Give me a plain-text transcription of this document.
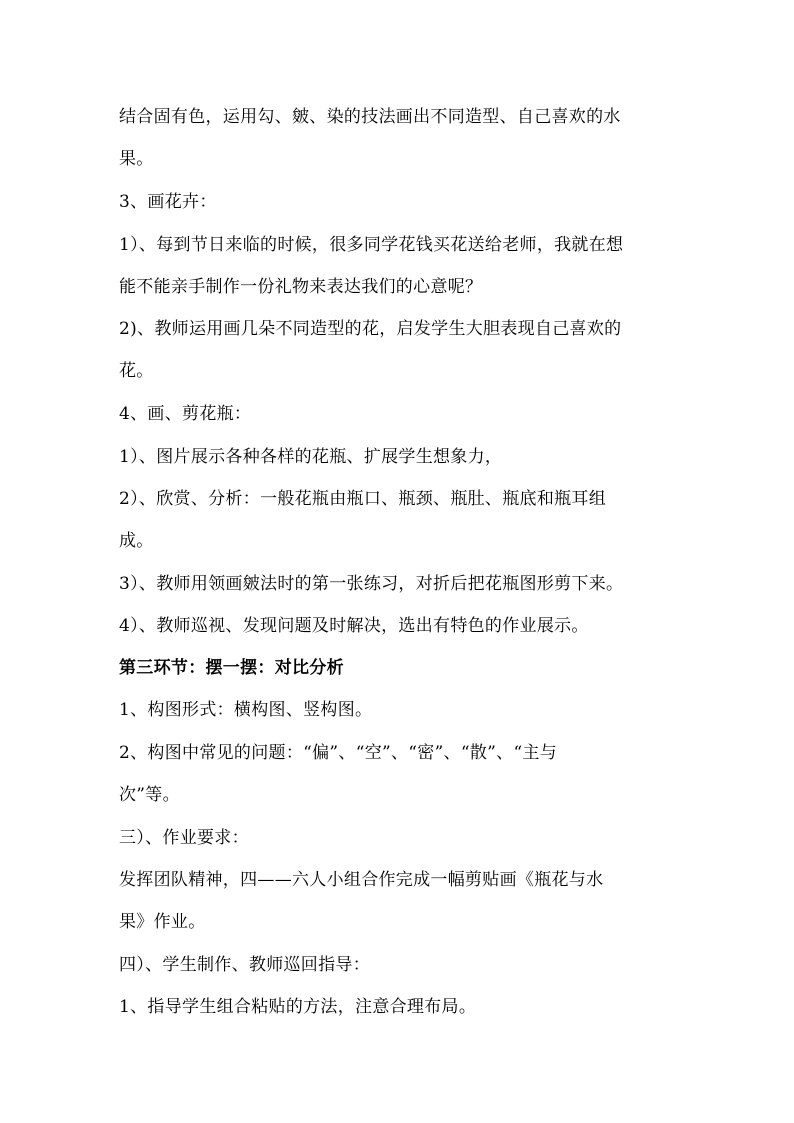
结合固有色，运用勾、皴、染的技法画出不同造型、自己喜欢的水
果。
3、画花卉：
1）、每到节日来临的时候，很多同学花钱买花送给老师，我就在想
能不能亲手制作一份礼物来表达我们的心意呢？
2)、教师运用画几朵不同造型的花，启发学生大胆表现自己喜欢的
花。
4、画、剪花瓶：
1）、图片展示各种各样的花瓶、扩展学生想象力，
2）、欣赏、分析：一般花瓶由瓶口、瓶颈、瓶肚、瓶底和瓶耳组
成。
3）、教师用领画皴法时的第一张练习，对折后把花瓶图形剪下来。
4）、教师巡视、发现问题及时解决，选出有特色的作业展示。
第三环节：摆一摆：对比分析
1、构图形式：横构图、竖构图。
2、构图中常见的问题：“偏”、“空”、“密”、“散”、“主与
次”等。
三）、作业要求：
发挥团队精神，四——六人小组合作完成一幅剪贴画《瓶花与水
果》作业。
四）、学生制作、教师巡回指导：
1、指导学生组合粘贴的方法，注意合理布局。
